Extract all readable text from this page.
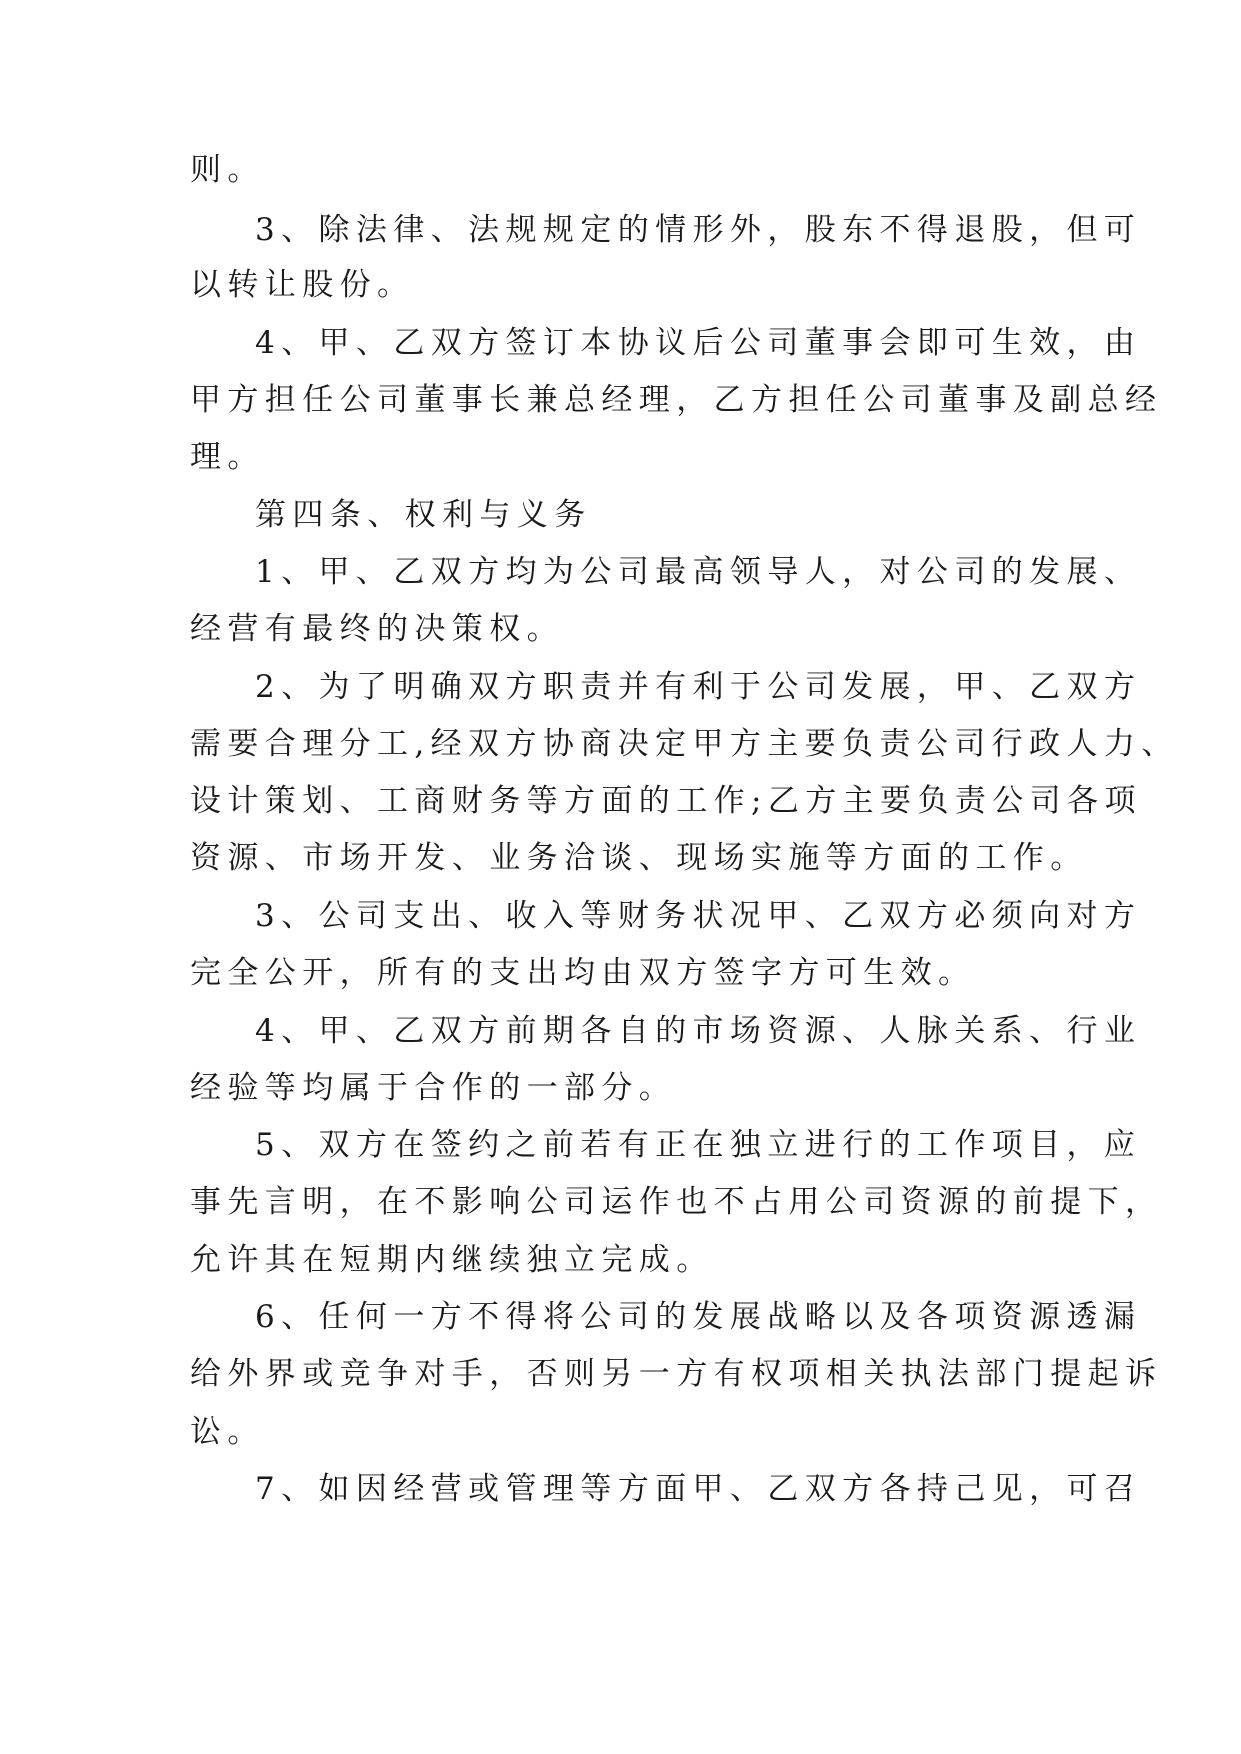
则。
3、除法律、法规规定的情形外，股东不得退股，但可
以转让股份。
4、甲、乙双方签订本协议后公司董事会即可生效，由
甲方担任公司董事长兼总经理，乙方担任公司董事及副总经
理。
第四条、权利与义务
1、甲、乙双方均为公司最高领导人，对公司的发展、
经营有最终的决策权。
2、为了明确双方职责并有利于公司发展，甲、乙双方
需要合理分工,经双方协商决定甲方主要负责公司行政人力、
设计策划、工商财务等方面的工作;乙方主要负责公司各项
资源、市场开发、业务洽谈、现场实施等方面的工作。
3、公司支出、收入等财务状况甲、乙双方必须向对方
完全公开，所有的支出均由双方签字方可生效。
4、甲、乙双方前期各自的市场资源、人脉关系、行业
经验等均属于合作的一部分。
5、双方在签约之前若有正在独立进行的工作项目，应
事先言明，在不影响公司运作也不占用公司资源的前提下，
允许其在短期内继续独立完成。
6、任何一方不得将公司的发展战略以及各项资源透漏
给外界或竞争对手，否则另一方有权项相关执法部门提起诉
讼。
7、如因经营或管理等方面甲、乙双方各持己见，可召
